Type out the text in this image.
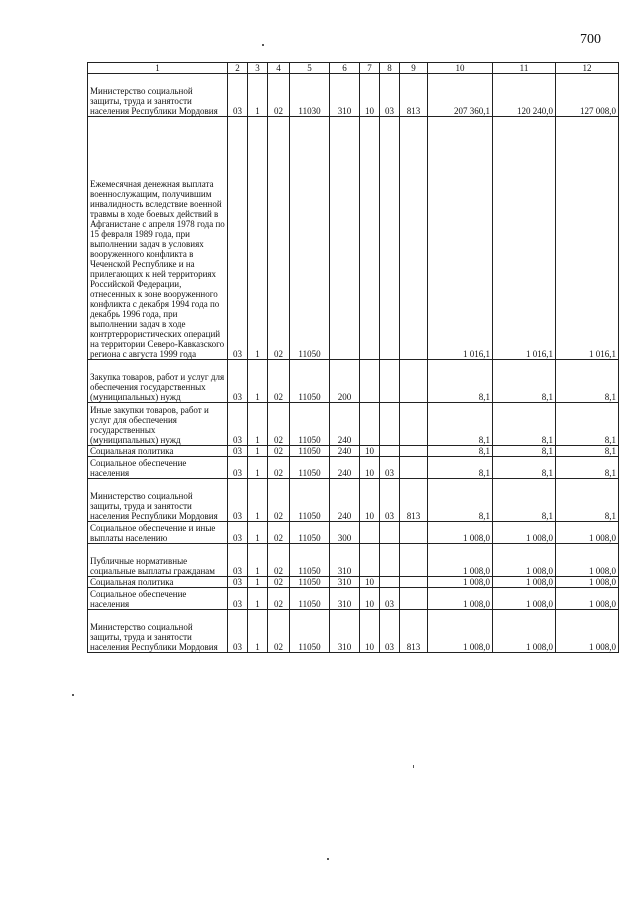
700
1	2	3	4	5	6	7	8	9	10	11	12
Министерство социальной защиты, труда и занятости населения Республики Мордовия	03	1	02	11030	310	10	03	813	207 360,1	120 240,0	127 008,0
Ежемесячная денежная выплата военнослужащим, получившим инвалидность вследствие военной травмы в ходе боевых действий в Афганистане с апреля 1978 года по 15 февраля 1989 года, при выполнении задач в условиях вооруженного конфликта в Чеченской Республике и на прилегающих к ней территориях Российской Федерации, отнесенных к зоне вооруженного конфликта с декабря 1994 года по декабрь 1996 года, при выполнении задач в ходе контртеррористических операций на территории Северо-Кавказского региона с августа 1999 года	03	1	02	11050					1 016,1	1 016,1	1 016,1
Закупка товаров, работ и услуг для обеспечения государственных (муниципальных) нужд	03	1	02	11050	200				8,1	8,1	8,1
Иные закупки товаров, работ и услуг для обеспечения государственных (муниципальных) нужд	03	1	02	11050	240				8,1	8,1	8,1
Социальная политика	03	1	02	11050	240	10			8,1	8,1	8,1
Социальное обеспечение населения	03	1	02	11050	240	10	03		8,1	8,1	8,1
Министерство социальной защиты, труда и занятости населения Республики Мордовия	03	1	02	11050	240	10	03	813	8,1	8,1	8,1
Социальное обеспечение и иные выплаты населению	03	1	02	11050	300				1 008,0	1 008,0	1 008,0
Публичные нормативные социальные выплаты гражданам	03	1	02	11050	310				1 008,0	1 008,0	1 008,0
Социальная политика	03	1	02	11050	310	10			1 008,0	1 008,0	1 008,0
Социальное обеспечение населения	03	1	02	11050	310	10	03		1 008,0	1 008,0	1 008,0
Министерство социальной защиты, труда и занятости населения Республики Мордовия	03	1	02	11050	310	10	03	813	1 008,0	1 008,0	1 008,0
